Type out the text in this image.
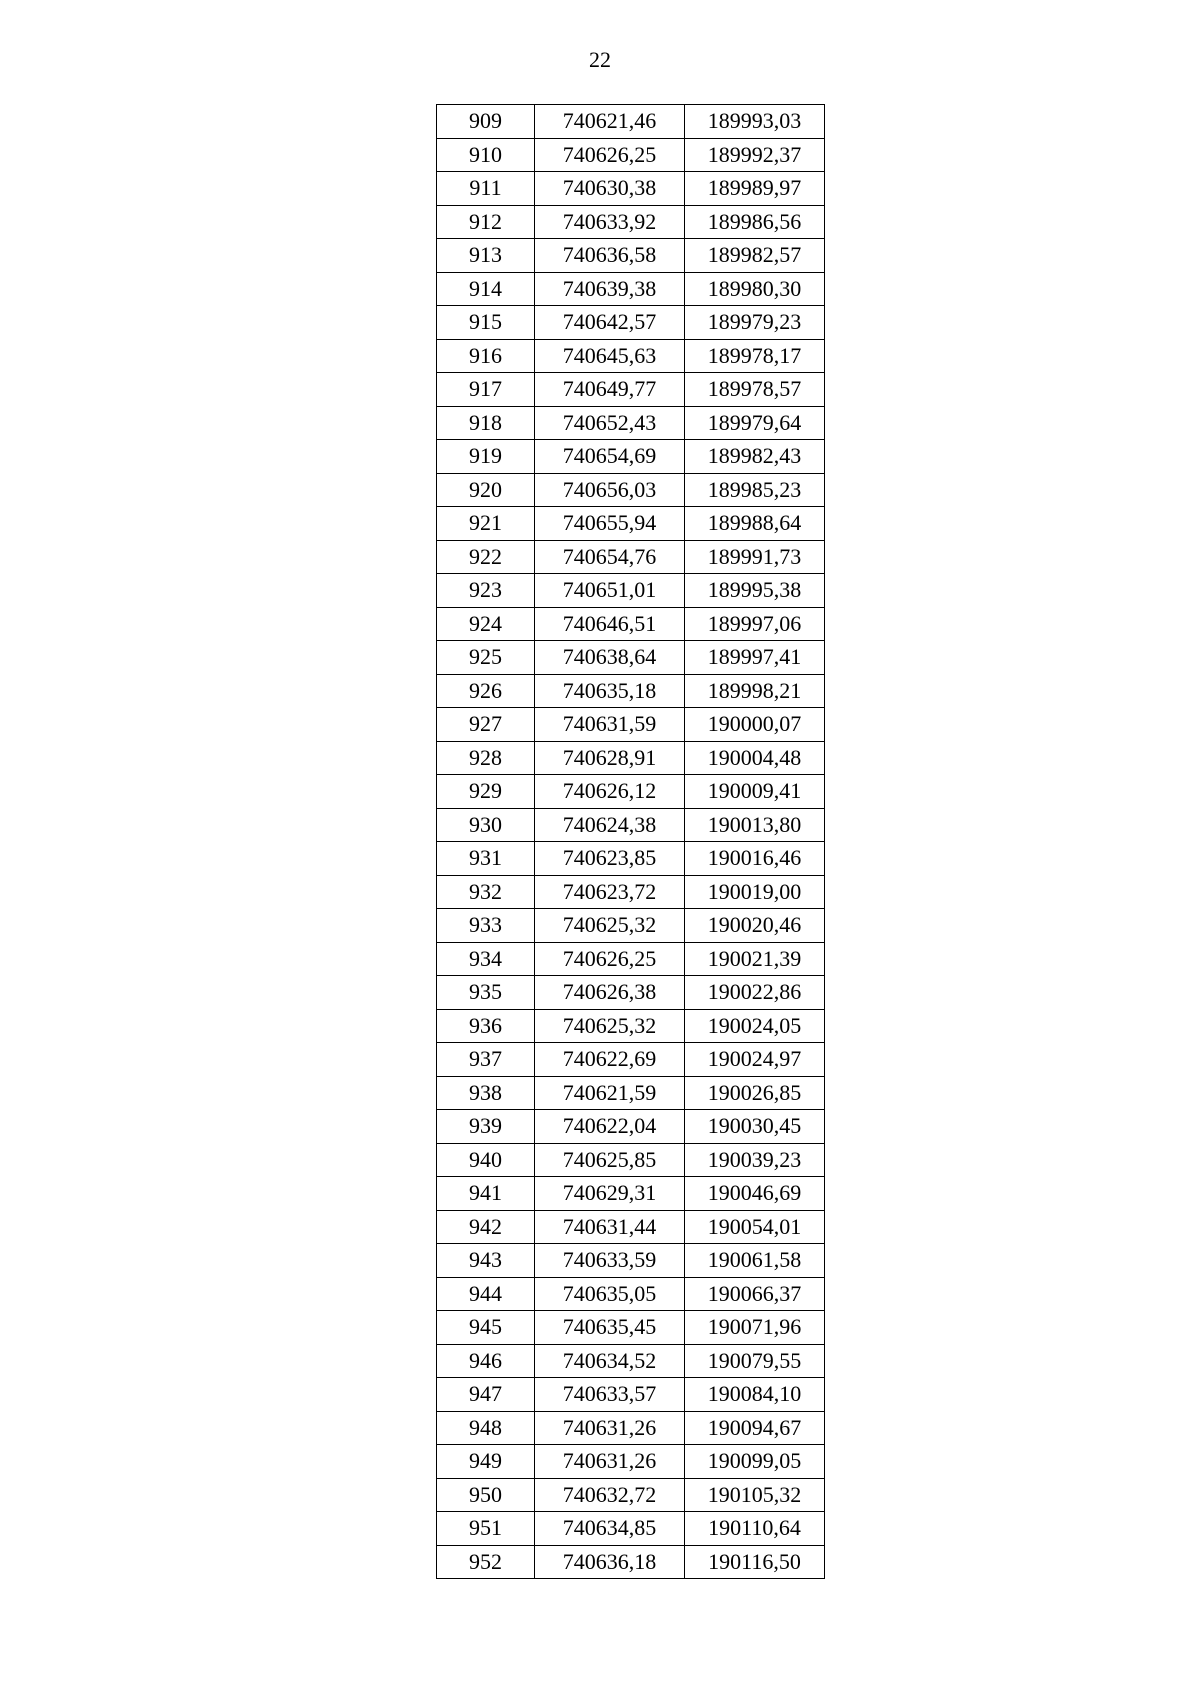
22
909	740621,46	189993,03
910	740626,25	189992,37
911	740630,38	189989,97
912	740633,92	189986,56
913	740636,58	189982,57
914	740639,38	189980,30
915	740642,57	189979,23
916	740645,63	189978,17
917	740649,77	189978,57
918	740652,43	189979,64
919	740654,69	189982,43
920	740656,03	189985,23
921	740655,94	189988,64
922	740654,76	189991,73
923	740651,01	189995,38
924	740646,51	189997,06
925	740638,64	189997,41
926	740635,18	189998,21
927	740631,59	190000,07
928	740628,91	190004,48
929	740626,12	190009,41
930	740624,38	190013,80
931	740623,85	190016,46
932	740623,72	190019,00
933	740625,32	190020,46
934	740626,25	190021,39
935	740626,38	190022,86
936	740625,32	190024,05
937	740622,69	190024,97
938	740621,59	190026,85
939	740622,04	190030,45
940	740625,85	190039,23
941	740629,31	190046,69
942	740631,44	190054,01
943	740633,59	190061,58
944	740635,05	190066,37
945	740635,45	190071,96
946	740634,52	190079,55
947	740633,57	190084,10
948	740631,26	190094,67
949	740631,26	190099,05
950	740632,72	190105,32
951	740634,85	190110,64
952	740636,18	190116,50
